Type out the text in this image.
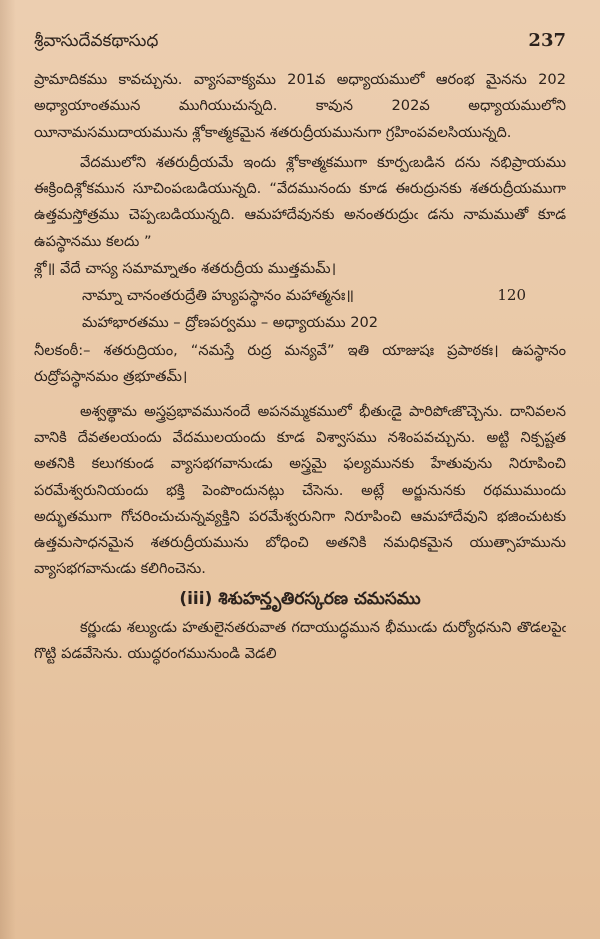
శ్రీవాసుదేవకథాసుధ	237

ప్రామాదికము కావచ్చును. వ్యాసవాక్యము 201వ అధ్యాయములో ఆరంభ మైనను 202 అధ్యాయాంతమున ముగియుచున్నది. కావున 202వ అధ్యాయములోని యీనామసముదాయమును శ్లోకాత్మకమైన శతరుద్రీయమునుగా గ్రహింపవలసియున్నది.

వేదములోని శతరుద్రీయమే ఇందు శ్లోకాత్మకముగా కూర్పఁబడిన దను నభిప్రాయము ఈక్రిందిశ్లోకమున సూచింపఁబడియున్నది. “వేదమునందు కూడ ఈరుద్రునకు శతరుద్రీయముగా ఉత్తమస్తోత్రము చెప్పఁబడియున్నది. ఆమహాదేవునకు అనంతరుద్రుఁ డను నామముతో కూడ ఉపస్థానము కలదు ”

శ్లో॥ వేదే చాస్య సమామ్నాతం శతరుద్రీయ ముత్తమమ్।
నామ్నా చానంతరుద్రేతి హ్యుపస్థానం మహాత్మనః॥	120
మహాభారతము – ద్రోణపర్వము – అధ్యాయము 202

నీలకంఠీ:– శతరుద్రియం, “నమస్తే రుద్ర మన్యవే” ఇతి యాజుషః ప్రపాఠకః। ఉపస్థానం రుద్రోపస్థానమం త్రభూతమ్।

అశ్వత్థామ అస్త్రప్రభావమునందే అపనమ్మకములో భీతుఁడై పారిపోఁజొచ్చెను. దానివలన వానికి దేవతలయందు వేదములయందు కూడ విశ్వాసము నశింపవచ్చును. అట్టి నిక్పష్టత అతనికి కలుగకుండ వ్యాసభగవానుఁడు అస్త్రమై ఫల్యమునకు హేతువును నిరూపించి పరమేశ్వరునియందు భక్తి పెంపొందునట్లు చేసెను. అట్లే అర్జునునకు రథముముందు అద్భుతముగా గోచరించుచున్నవ్యక్తిని పరమేశ్వరునిగా నిరూపించి ఆమహాదేవుని భజించుటకు ఉత్తమసాధనమైన శతరుద్రీయమును బోధించి అతనికి నమధికమైన యుత్సాహమును వ్యాసభగవానుఁడు కలిగించెను.

(iii) శిశుహన్తృతిరస్కరణ చమసము

కర్ణుఁడు శల్యుఁడు హతులైనతరువాత గదాయుద్ధమున భీముఁడు దుర్యోధనుని తొడలపైఁ గొట్టి పడవేసెను. యుద్ధరంగమునుండి వెడలి
